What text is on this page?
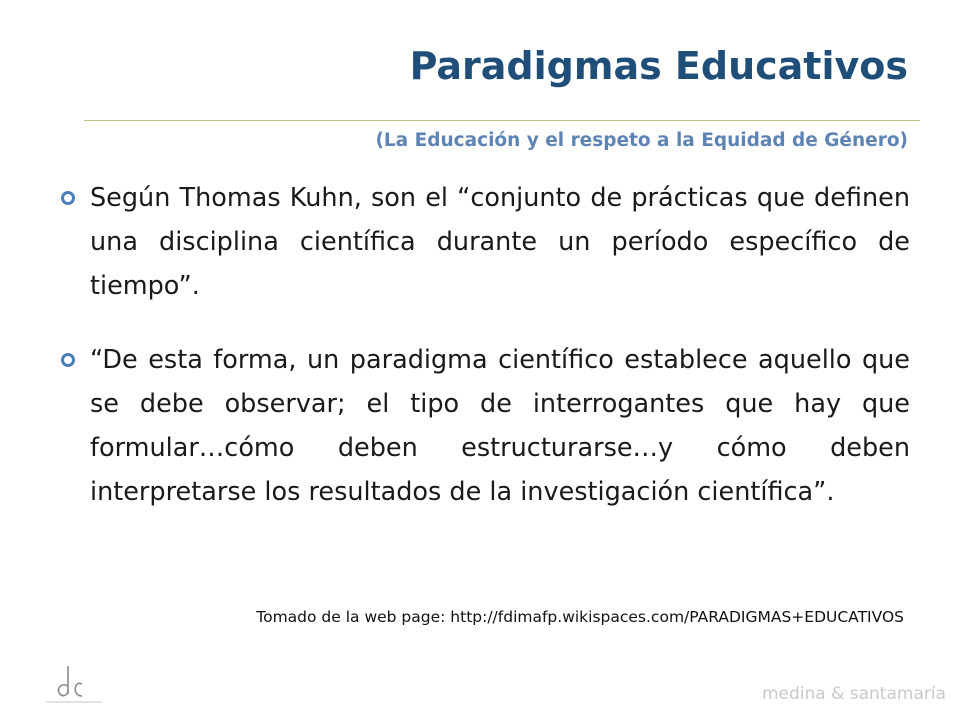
Paradigmas Educativos
(La Educación y el respeto a la Equidad de Género)

Según Thomas Kuhn, son el “conjunto de prácticas que definen una disciplina científica durante un período específico de tiempo”.

“De esta forma, un paradigma científico establece aquello que se debe observar; el tipo de interrogantes que hay que formular…cómo deben estructurarse…y cómo deben interpretarse los resultados de la investigación científica”.

Tomado de la web page: http://fdimafp.wikispaces.com/PARADIGMAS+EDUCATIVOS
medina & santamaría
